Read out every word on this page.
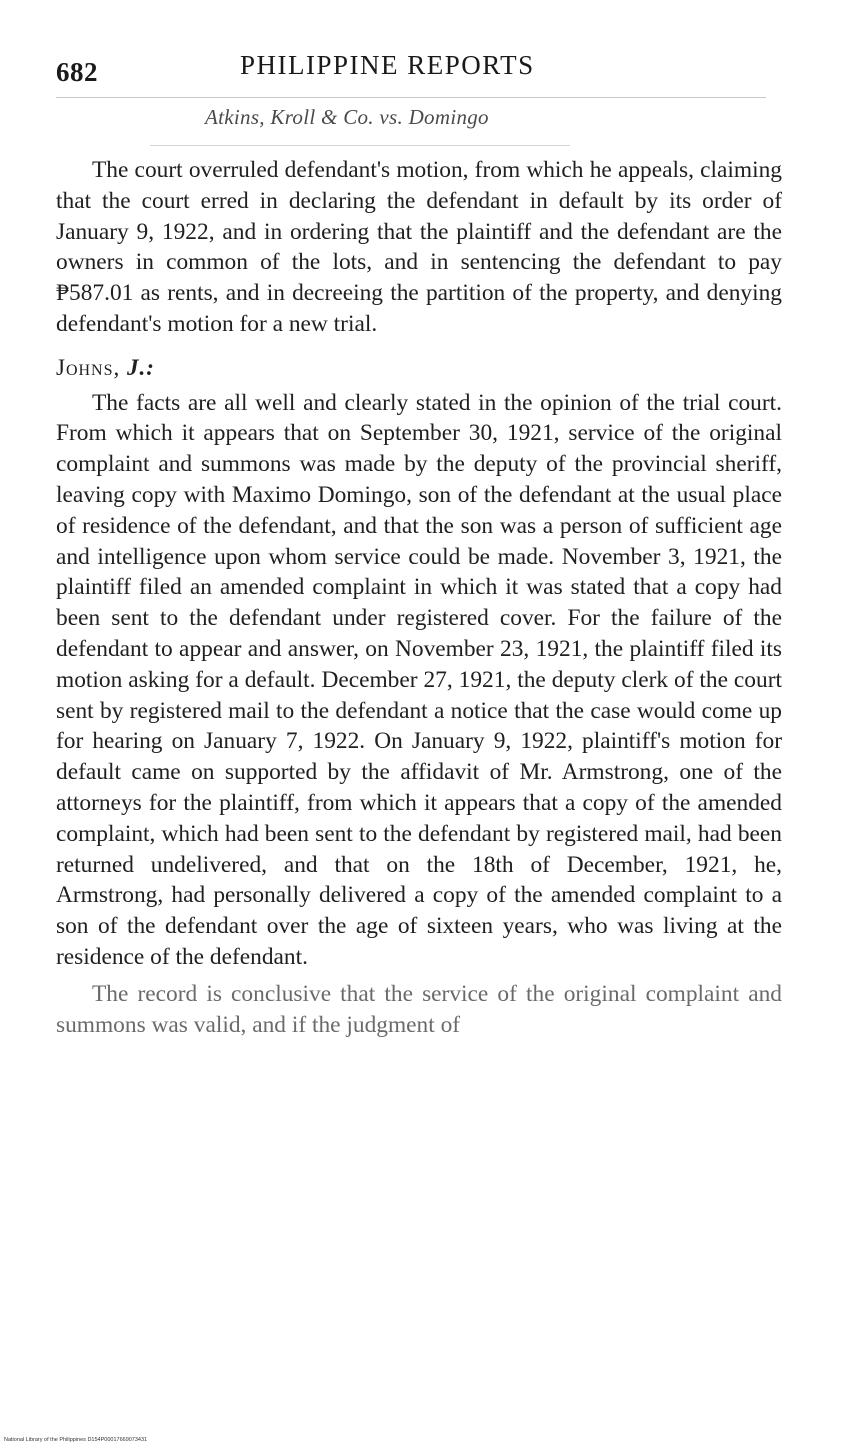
682	PHILIPPINE REPORTS
Atkins, Kroll & Co. vs. Domingo

The court overruled defendant's motion, from which he appeals, claiming that the court erred in declaring the defendant in default by its order of January 9, 1922, and in ordering that the plaintiff and the defendant are the owners in common of the lots, and in sentencing the defendant to pay ₱587.01 as rents, and in decreeing the partition of the property, and denying defendant's motion for a new trial.

Johns, J.:

The facts are all well and clearly stated in the opinion of the trial court. From which it appears that on September 30, 1921, service of the original complaint and summons was made by the deputy of the provincial sheriff, leaving copy with Maximo Domingo, son of the defendant at the usual place of residence of the defendant, and that the son was a person of sufficient age and intelligence upon whom service could be made. November 3, 1921, the plaintiff filed an amended complaint in which it was stated that a copy had been sent to the defendant under registered cover. For the failure of the defendant to appear and answer, on November 23, 1921, the plaintiff filed its motion asking for a default. December 27, 1921, the deputy clerk of the court sent by registered mail to the defendant a notice that the case would come up for hearing on January 7, 1922. On January 9, 1922, plaintiff's motion for default came on supported by the affidavit of Mr. Armstrong, one of the attorneys for the plaintiff, from which it appears that a copy of the amended complaint, which had been sent to the defendant by registered mail, had been returned undelivered, and that on the 18th of December, 1921, he, Armstrong, had personally delivered a copy of the amended complaint to a son of the defendant over the age of sixteen years, who was living at the residence of the defendant.

The record is conclusive that the service of the original complaint and summons was valid, and if the judgment of

National Library of the Philippines D154P00017669073431
